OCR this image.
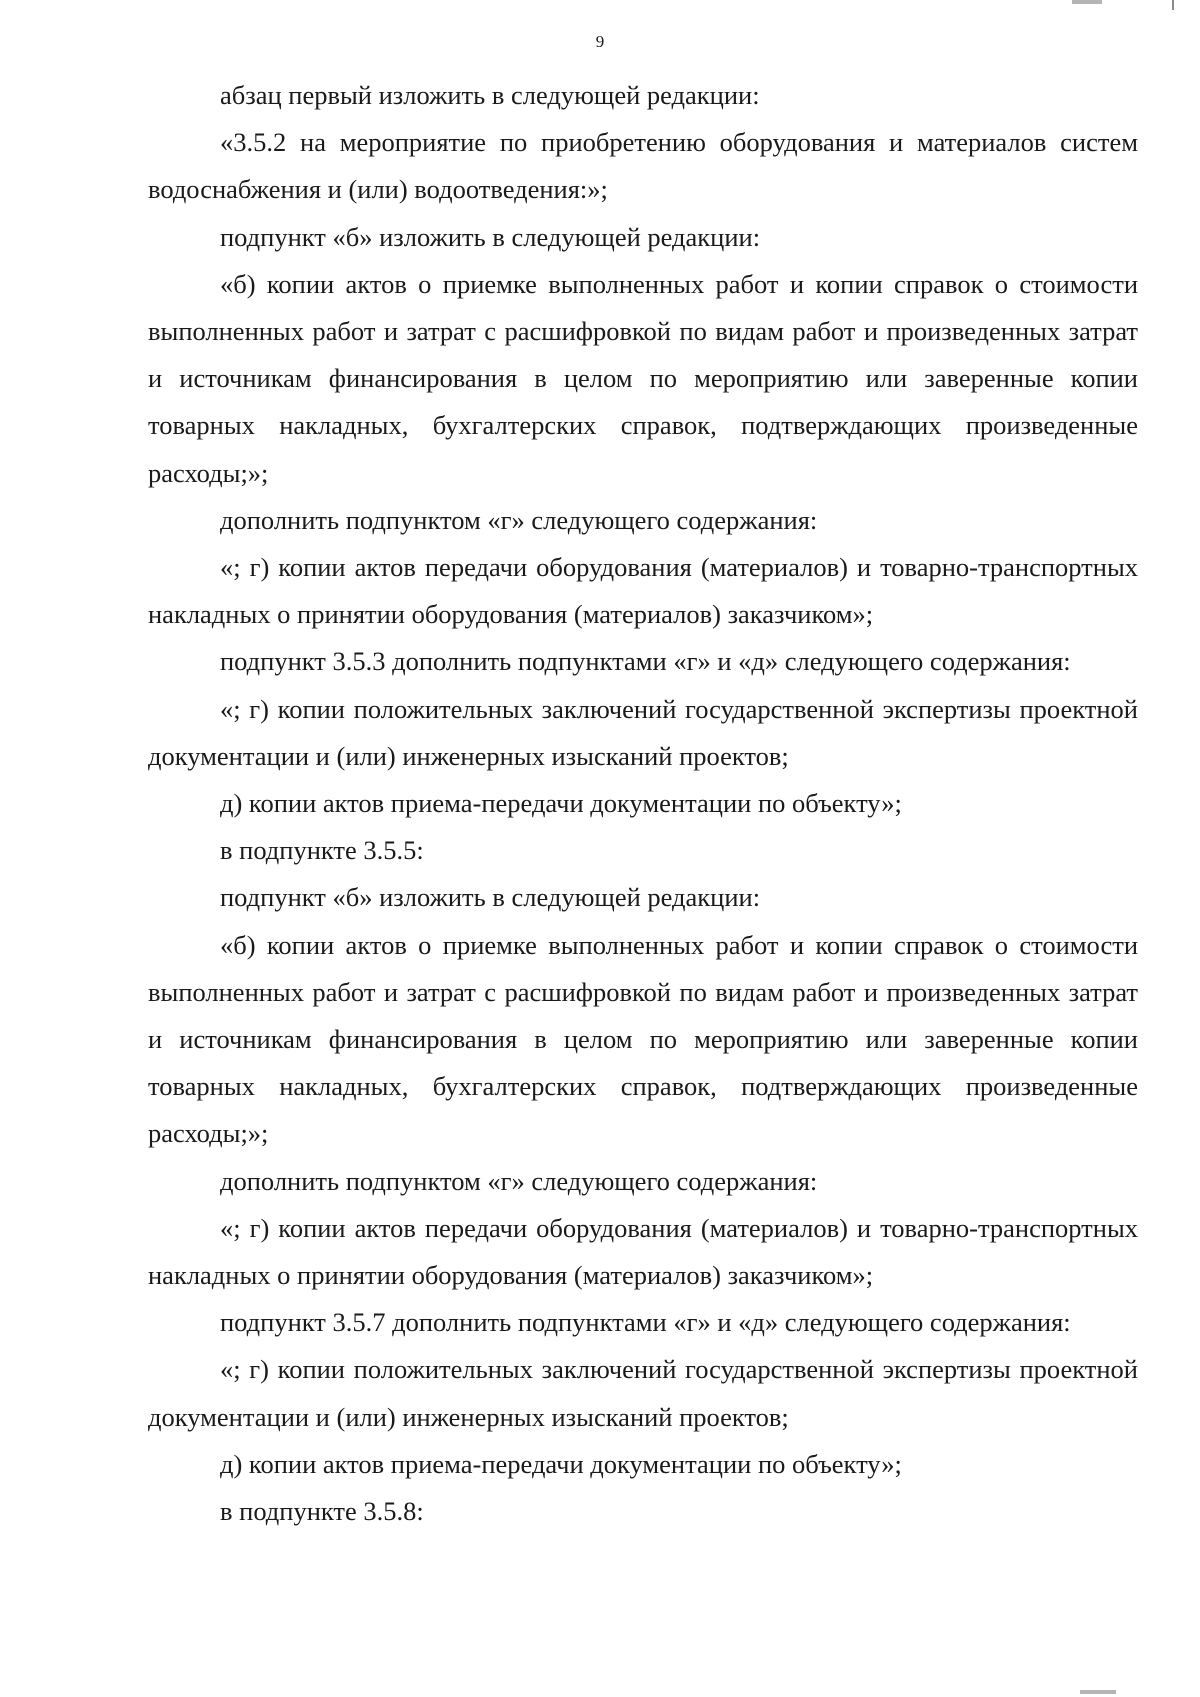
9

абзац первый изложить в следующей редакции:

«3.5.2 на мероприятие по приобретению оборудования и материалов систем водоснабжения и (или) водоотведения:»;

подпункт «б» изложить в следующей редакции:

«б) копии актов о приемке выполненных работ и копии справок о стоимости выполненных работ и затрат с расшифровкой по видам работ и произведенных затрат и источникам финансирования в целом по мероприятию или заверенные копии товарных накладных, бухгалтерских справок, подтверждающих произведенные расходы;»;

дополнить подпунктом «г» следующего содержания:

«; г) копии актов передачи оборудования (материалов) и товарно-транспортных накладных о принятии оборудования (материалов) заказчиком»;

подпункт 3.5.3 дополнить подпунктами «г» и «д» следующего содержания:

«; г) копии положительных заключений государственной экспертизы проектной документации и (или) инженерных изысканий проектов;

д) копии актов приема-передачи документации по объекту»;

в подпункте 3.5.5:

подпункт «б» изложить в следующей редакции:

«б) копии актов о приемке выполненных работ и копии справок о стоимости выполненных работ и затрат с расшифровкой по видам работ и произведенных затрат и источникам финансирования в целом по мероприятию или заверенные копии товарных накладных, бухгалтерских справок, подтверждающих произведенные расходы;»;

дополнить подпунктом «г» следующего содержания:

«; г) копии актов передачи оборудования (материалов) и товарно-транспортных накладных о принятии оборудования (материалов) заказчиком»;

подпункт 3.5.7 дополнить подпунктами «г» и «д» следующего содержания:

«; г) копии положительных заключений государственной экспертизы проектной документации и (или) инженерных изысканий проектов;

д) копии актов приема-передачи документации по объекту»;

в подпункте 3.5.8:
